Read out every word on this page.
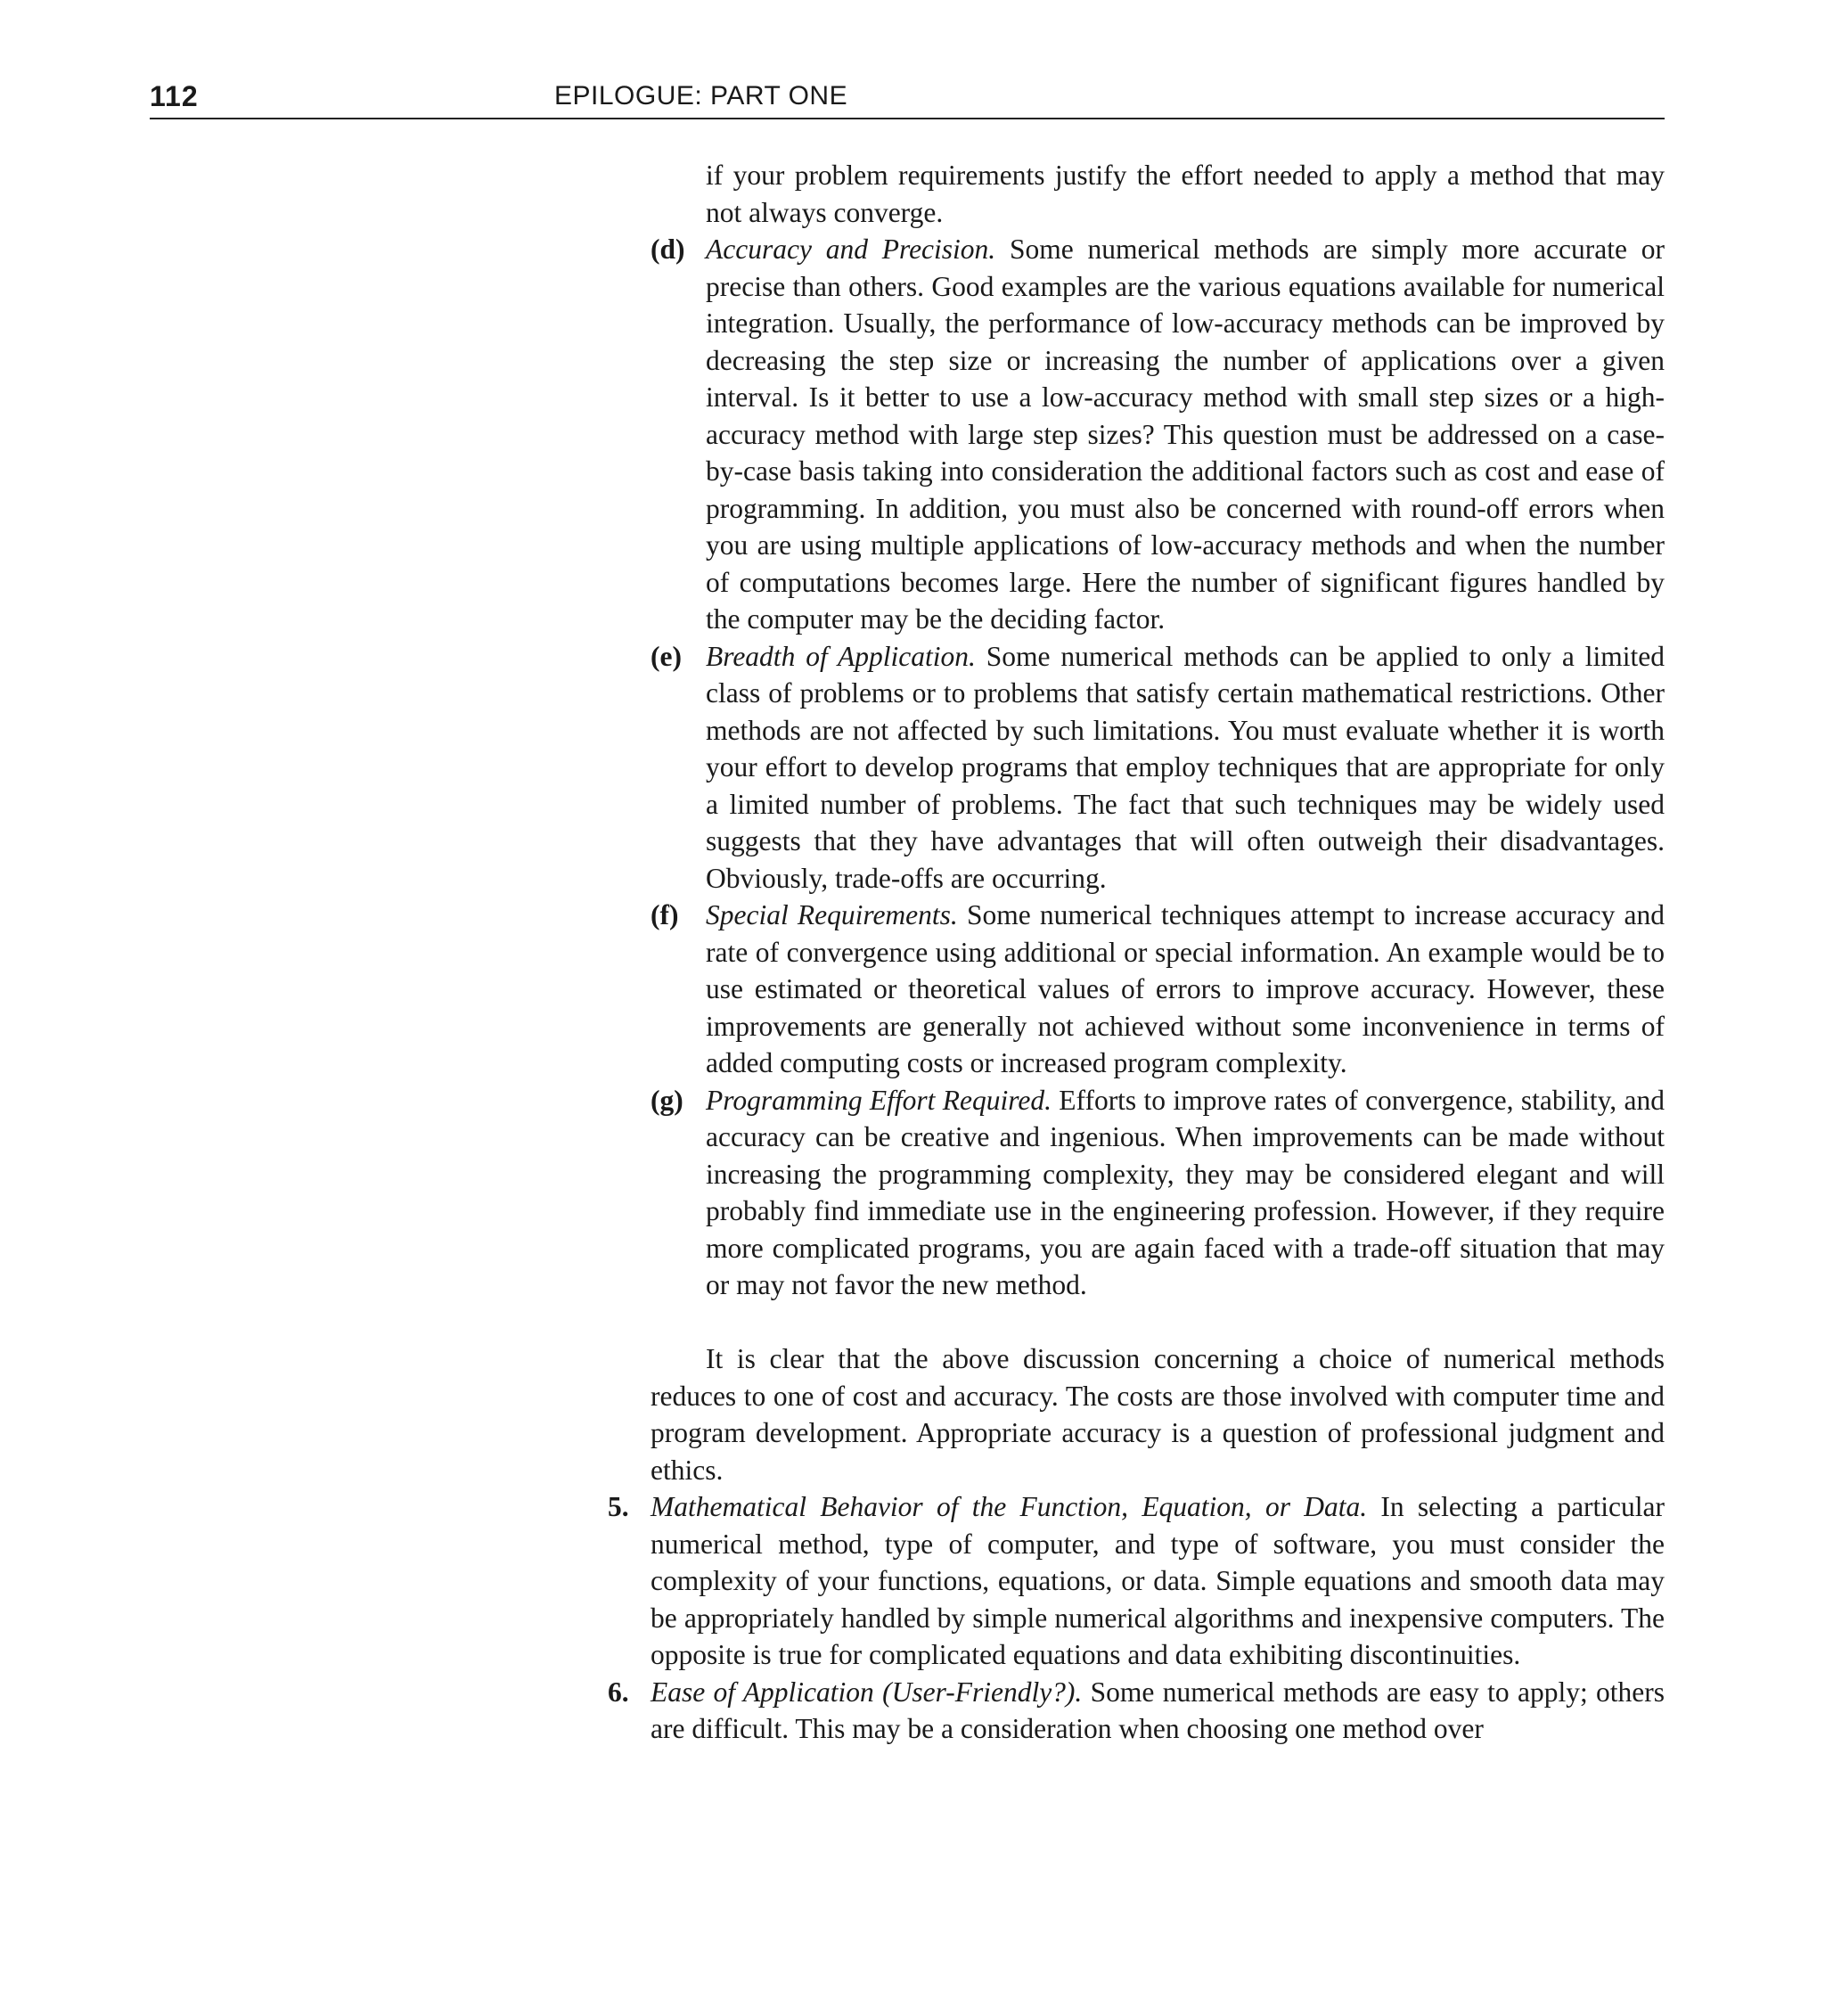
112	EPILOGUE: PART ONE

if your problem requirements justify the effort needed to apply a method that may not always converge.

(d) Accuracy and Precision. Some numerical methods are simply more accurate or precise than others. Good examples are the various equations available for numerical integration. Usually, the performance of low-accuracy methods can be improved by decreasing the step size or increasing the number of applications over a given interval. Is it better to use a low-accuracy method with small step sizes or a high-accuracy method with large step sizes? This question must be addressed on a case-by-case basis taking into consideration the additional factors such as cost and ease of programming. In addition, you must also be concerned with round-off errors when you are using multiple applications of low-accuracy methods and when the number of computations becomes large. Here the number of significant figures handled by the computer may be the deciding factor.

(e) Breadth of Application. Some numerical methods can be applied to only a limited class of problems or to problems that satisfy certain mathematical restrictions. Other methods are not affected by such limitations. You must evaluate whether it is worth your effort to develop programs that employ techniques that are appropriate for only a limited number of problems. The fact that such techniques may be widely used suggests that they have advantages that will often outweigh their disadvantages. Obviously, trade-offs are occurring.

(f) Special Requirements. Some numerical techniques attempt to increase accuracy and rate of convergence using additional or special information. An example would be to use estimated or theoretical values of errors to improve accuracy. However, these improvements are generally not achieved without some inconvenience in terms of added computing costs or increased program complexity.

(g) Programming Effort Required. Efforts to improve rates of convergence, stability, and accuracy can be creative and ingenious. When improvements can be made without increasing the programming complexity, they may be considered elegant and will probably find immediate use in the engineering profession. However, if they require more complicated programs, you are again faced with a trade-off situation that may or may not favor the new method.

It is clear that the above discussion concerning a choice of numerical methods reduces to one of cost and accuracy. The costs are those involved with computer time and program development. Appropriate accuracy is a question of professional judgment and ethics.

5. Mathematical Behavior of the Function, Equation, or Data. In selecting a particular numerical method, type of computer, and type of software, you must consider the complexity of your functions, equations, or data. Simple equations and smooth data may be appropriately handled by simple numerical algorithms and inexpensive computers. The opposite is true for complicated equations and data exhibiting discontinuities.

6. Ease of Application (User-Friendly?). Some numerical methods are easy to apply; others are difficult. This may be a consideration when choosing one method over
